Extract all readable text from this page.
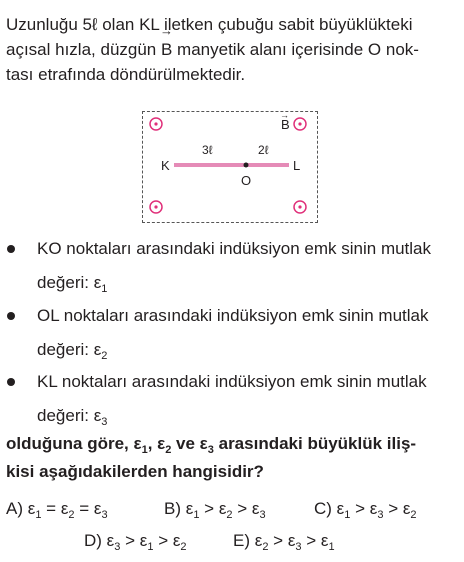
Uzunluğu 5ℓ olan KL iletken çubuğu sabit büyüklükteki
açısal hızla, düzgün → B manyetik alanı içerisinde O nok-
tası etrafında döndürülmektedir.
B
→
K	L
O
3ℓ	2ℓ
KO noktaları arasındaki indüksiyon emk sinin mutlak
değeri: $\varepsilon_1$
OL noktaları arasındaki indüksiyon emk sinin mutlak
değeri: $\varepsilon_2$
KL noktaları arasındaki indüksiyon emk sinin mutlak
değeri: $\varepsilon_3$
olduğuna göre, $\varepsilon_1$, $\varepsilon_2$ ve $\varepsilon_3$ arasındaki büyüklük iliş-
kisi aşağıdakilerden hangisidir?
A) $\varepsilon_1 = \varepsilon_2 = \varepsilon_3$	B) $\varepsilon_1 > \varepsilon_2 > \varepsilon_3$	C) $\varepsilon_1 > \varepsilon_3 > \varepsilon_2$
D) $\varepsilon_3 > \varepsilon_1 > \varepsilon_2$	E) $\varepsilon_2 > \varepsilon_3 > \varepsilon_1$
